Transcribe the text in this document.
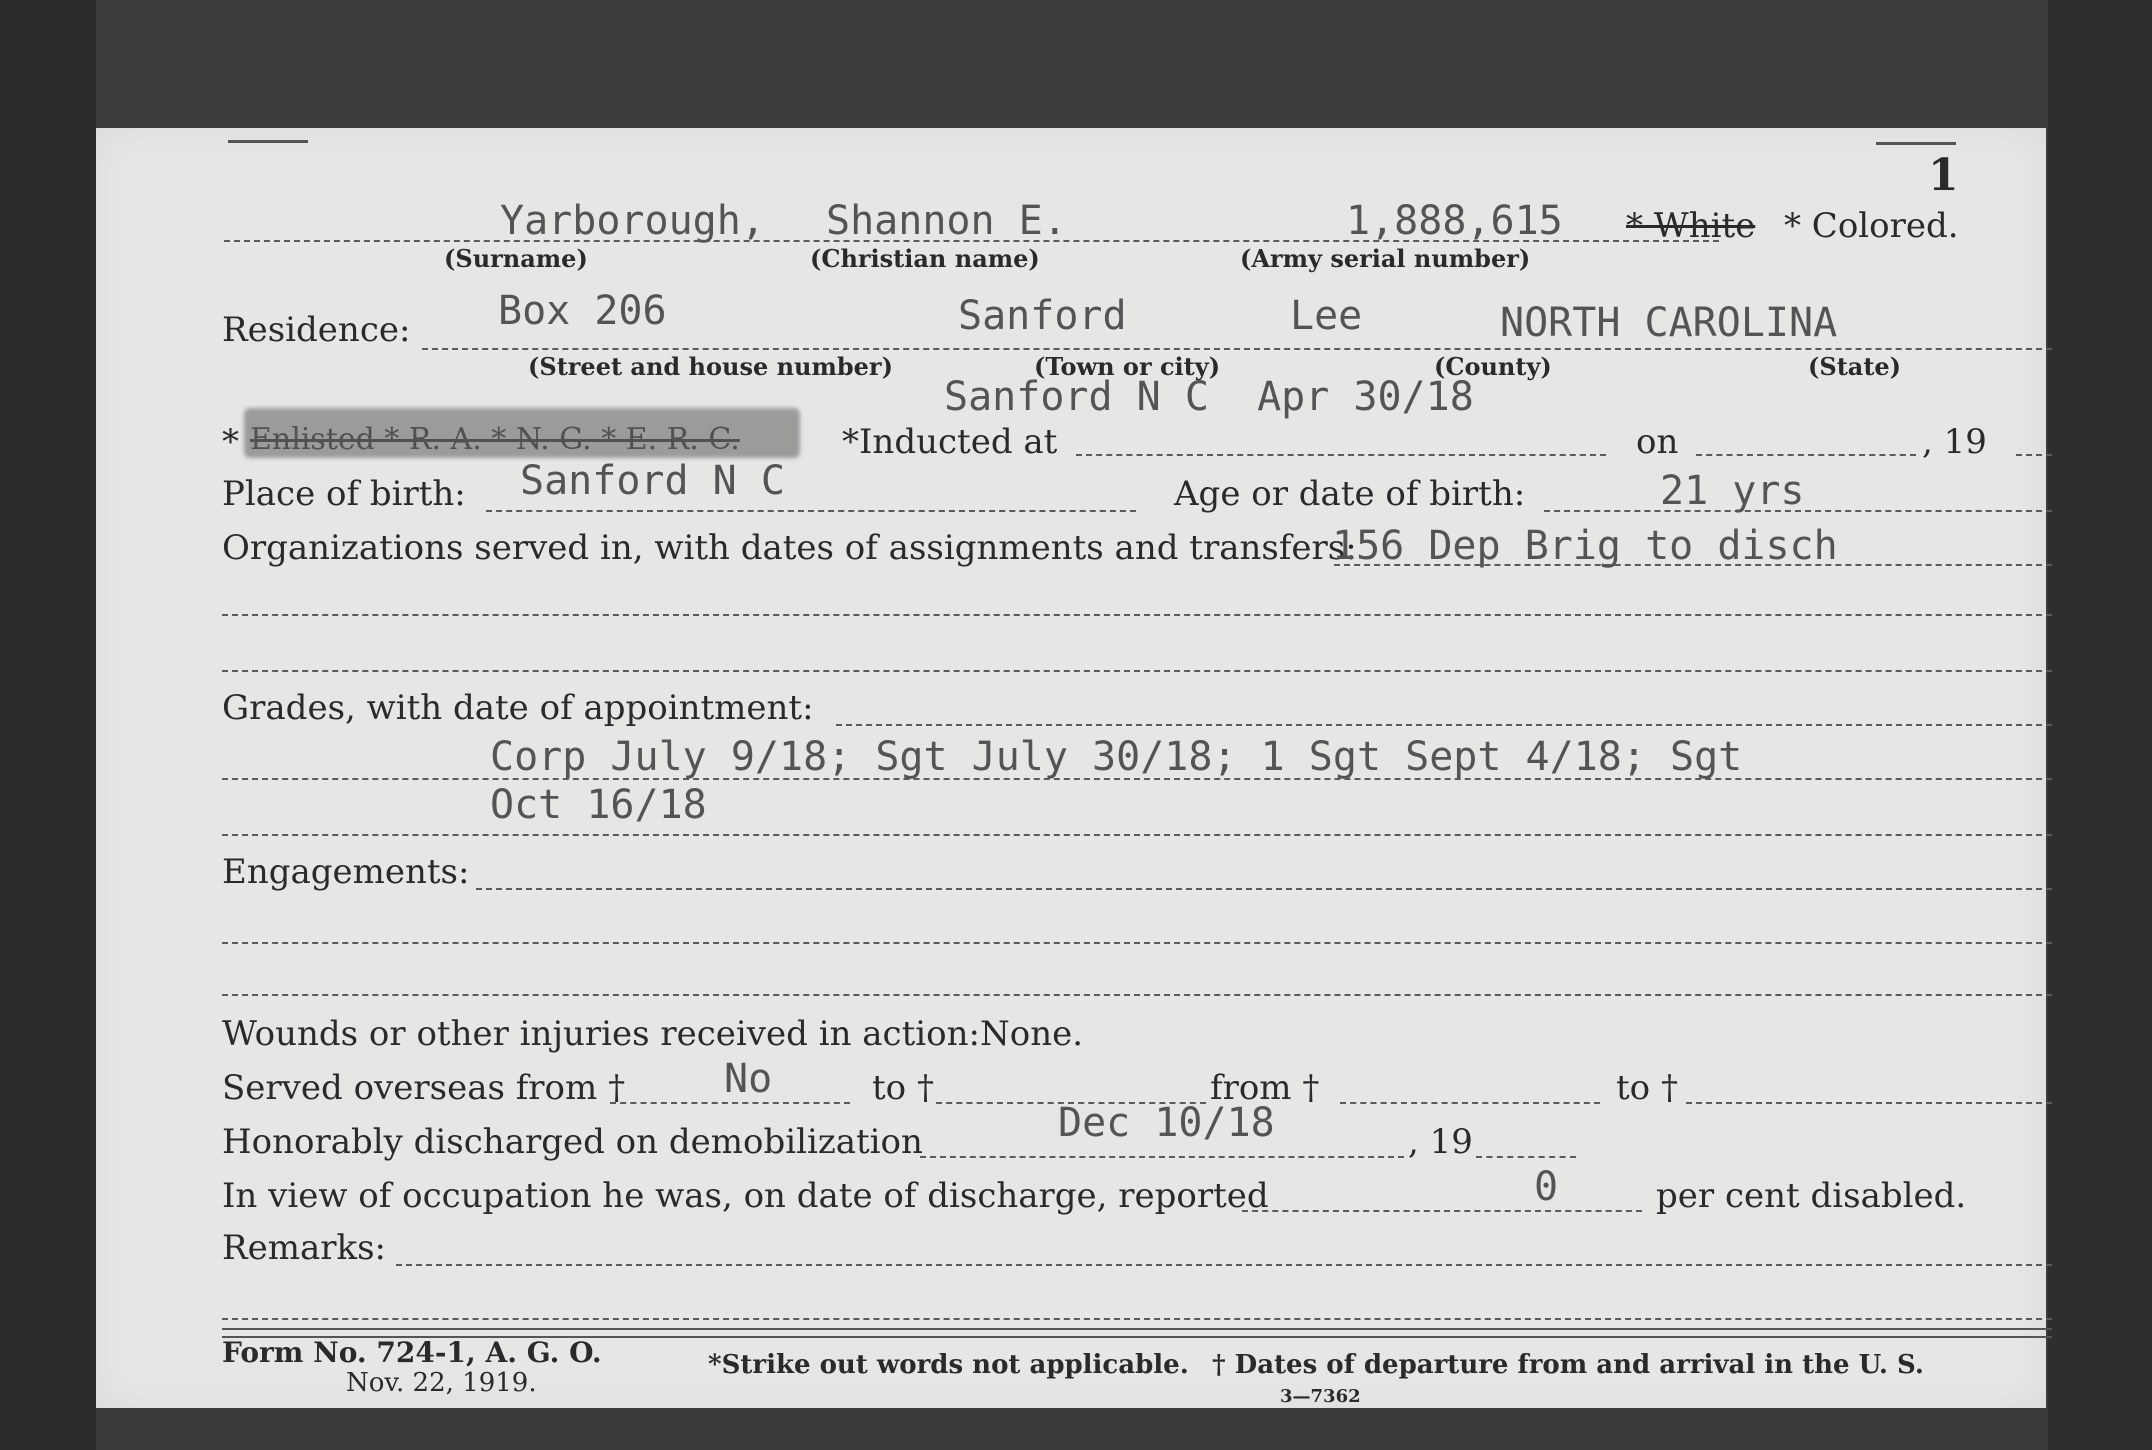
1
Yarborough, Shannon E.	1,888,615 * White * Colored.
(Surname)	(Christian name)	(Army serial number)
Residence: Box 206	Sanford	Lee	NORTH CAROLINA
(Street and house number)	(Town or city)	(County)	(State)
Sanford N C  Apr 30/18
* Enlisted * R. A. * N. G. * E. R. C.	*Inducted at	on	, 19
Place of birth: Sanford N C	Age or date of birth:	21 yrs
Organizations served in, with dates of assignments and transfers:
156 Dep Brig to disch
Grades, with date of appointment:
Corp July 9/18; Sgt July 30/18; 1 Sgt Sept 4/18; Sgt
Oct 16/18
Engagements:
Wounds or other injuries received in action: None.
Served overseas from † No	to †	from †	to †
Honorably discharged on demobilization	Dec 10/18	, 19
In view of occupation he was, on date of discharge, reported	0	per cent disabled.
Remarks:
Form No. 724-1, A. G. O.
Nov. 22, 1919.
*Strike out words not applicable. † Dates of departure from and arrival in the U. S.
3—7362
